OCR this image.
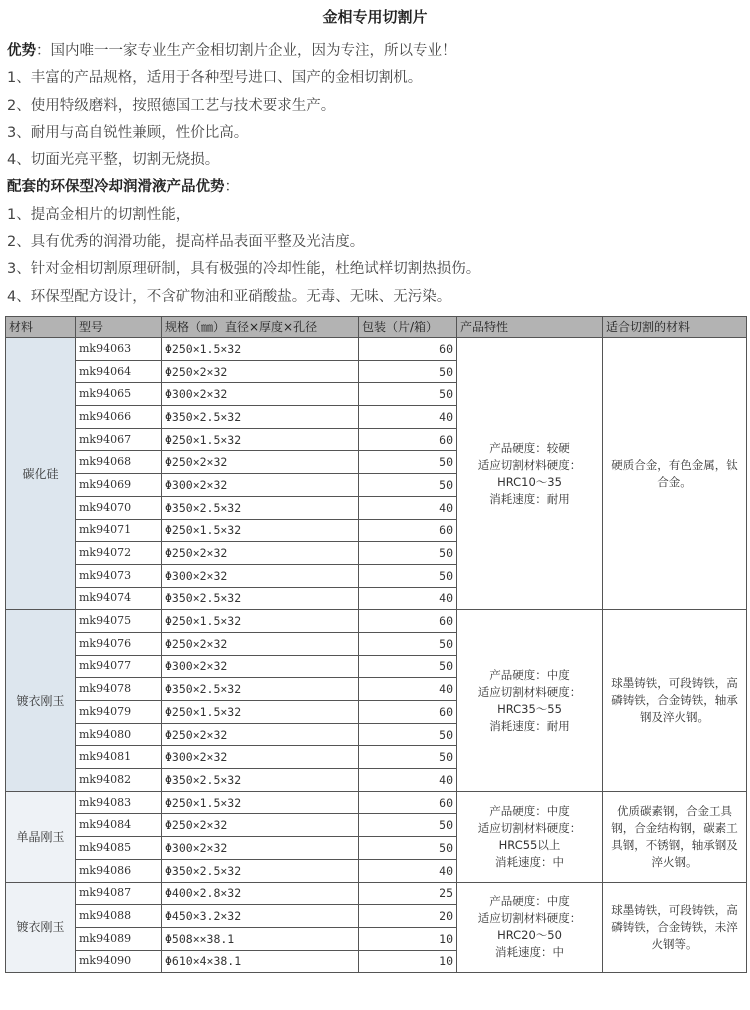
金相专用切割片
优势：国内唯一一家专业生产金相切割片企业，因为专注，所以专业！
1、丰富的产品规格，适用于各种型号进口、国产的金相切割机。
2、使用特级磨料，按照德国工艺与技术要求生产。
3、耐用与高自锐性兼顾，性价比高。
4、切面光亮平整，切割无烧损。
配套的环保型冷却润滑液产品优势：
1、提高金相片的切割性能，
2、具有优秀的润滑功能，提高样品表面平整及光洁度。
3、针对金相切割原理研制，具有极强的冷却性能，杜绝试样切割热损伤。
4、环保型配方设计，不含矿物油和亚硝酸盐。无毒、无味、无污染。
材料	型号	规格（㎜）直径×厚度×孔径	包装（片/箱）	产品特性	适合切割的材料
碳化硅	mk94063	Φ250×1.5×32	60	产品硬度：较硬
适应切割材料硬度：
HRC10～35
消耗速度：耐用	硬质合金，有色金属，钛合金。
	mk94064	Φ250×2×32	50		
	mk94065	Φ300×2×32	50		
	mk94066	Φ350×2.5×32	40		
	mk94067	Φ250×1.5×32	60		
	mk94068	Φ250×2×32	50		
	mk94069	Φ300×2×32	50		
	mk94070	Φ350×2.5×32	40		
	mk94071	Φ250×1.5×32	60		
	mk94072	Φ250×2×32	50		
	mk94073	Φ300×2×32	50		
	mk94074	Φ350×2.5×32	40		
镀衣刚玉	mk94075	Φ250×1.5×32	60	产品硬度：中度
适应切割材料硬度：
HRC35～55
消耗速度：耐用	球墨铸铁，可段铸铁，高磷铸铁，合金铸铁，轴承钢及淬火钢。
	mk94076	Φ250×2×32	50		
	mk94077	Φ300×2×32	50		
	mk94078	Φ350×2.5×32	40		
	mk94079	Φ250×1.5×32	60		
	mk94080	Φ250×2×32	50		
	mk94081	Φ300×2×32	50		
	mk94082	Φ350×2.5×32	40		
单晶刚玉	mk94083	Φ250×1.5×32	60	产品硬度：中度
适应切割材料硬度：
HRC55以上
消耗速度：中	优质碳素钢，合金工具钢，合金结构钢，碳素工具钢，不锈钢，轴承钢及淬火钢。
	mk94084	Φ250×2×32	50		
	mk94085	Φ300×2×32	50		
	mk94086	Φ350×2.5×32	40		
镀衣刚玉	mk94087	Φ400×2.8×32	25	产品硬度：中度
适应切割材料硬度：
HRC20～50
消耗速度：中	球墨铸铁，可段铸铁，高磷铸铁，合金铸铁，未淬火钢等。
	mk94088	Φ450×3.2×32	20		
	mk94089	Φ508××38.1	10		
	mk94090	Φ610×4×38.1	10		
